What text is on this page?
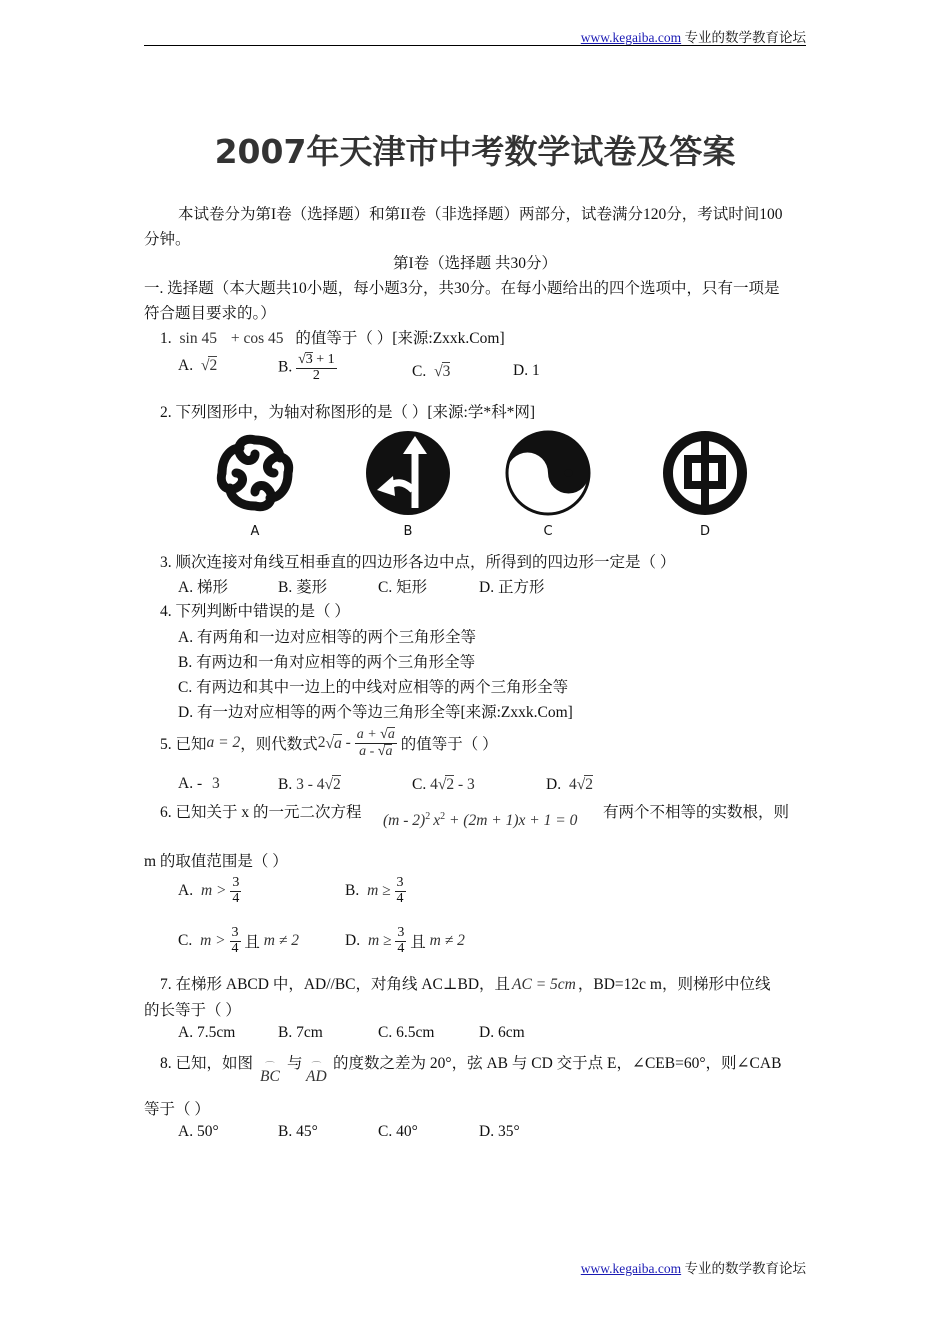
www.kegaiba.com 专业的数学教育论坛
2007年天津市中考数学试卷及答案
本试卷分为第I卷（选择题）和第II卷（非选择题）两部分，试卷满分120分，考试时间100
分钟。
第I卷（选择题 共30分）
一. 选择题（本大题共10小题，每小题3分，共30分。在每小题给出的四个选项中，只有一项是
符合题目要求的。）
1. sin 45 + cos 45 的值等于（ ）[来源:Zxxk.Com]
A. √2	B. $\frac{√3 + 1}{2}$	C. √3	D. 1
2. 下列图形中，为轴对称图形的是（ ）[来源:学*科*网]
A	B	C	D
3. 顺次连接对角线互相垂直的四边形各边中点，所得到的四边形一定是（ ）
A. 梯形	B. 菱形	C. 矩形	D. 正方形
4. 下列判断中错误的是（ ）
A. 有两角和一边对应相等的两个三角形全等
B. 有两边和一角对应相等的两个三角形全等
C. 有两边和其中一边上的中线对应相等的两个三角形全等
D. 有一边对应相等的两个等边三角形全等[来源:Zxxk.Com]
5. 已知a = 2，则代数式$2√a - \frac{a + √a}{a - √a}$ 的值等于（ ）
A. - 3	B. 3 - 4√2	C. 4√2 - 3	D. 4√2
6. 已知关于 x 的一元二次方程 (m - 2)$^2$ $x^2 + (2m + 1)x + 1 = 0$ 有两个不相等的实数根，则
m 的取值范围是（ ）
A. $m > \frac{3}{4}$	B. $m \ge \frac{3}{4}$
C. $m > \frac{3}{4}$ 且 m ≠ 2	D. $m \ge \frac{3}{4}$ 且 m ≠ 2
7. 在梯形 ABCD 中，AD//BC，对角线 AC⊥BD，且 AC = 5cm ，BD=12c m，则梯形中位线
的长等于（ ）
A. 7.5cm	B. 7cm	C. 6.5cm	D. 6cm
8. 已知，如图
⌒ BC
与
⌒ AD
的度数之差为 20°，弦 AB 与 CD 交于点 E，∠CEB=60°，则∠CAB
等于（ ）
A. 50°	B. 45°	C. 40°	D. 35°
www.kegaiba.com 专业的数学教育论坛
